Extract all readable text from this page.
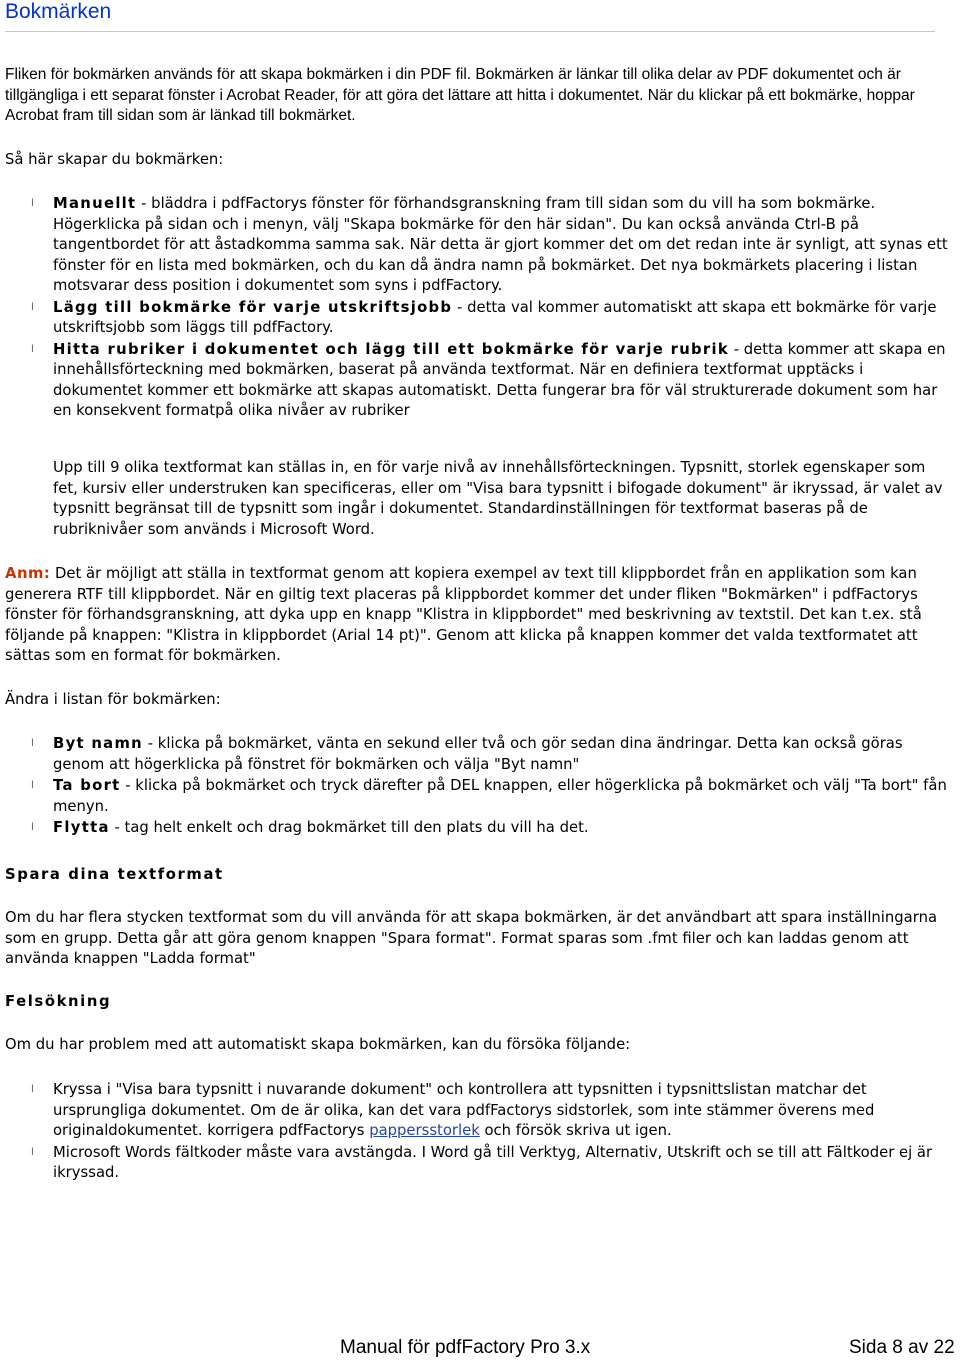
Bokmärken

Fliken för bokmärken används för att skapa bokmärken i din PDF fil. Bokmärken är länkar till olika delar av PDF dokumentet och är tillgängliga i ett separat fönster i Acrobat Reader, för att göra det lättare att hitta i dokumentet. När du klickar på ett bokmärke, hoppar Acrobat fram till sidan som är länkad till bokmärket.

Så här skapar du bokmärken:

l Manuellt - bläddra i pdfFactorys fönster för förhandsgranskning fram till sidan som du vill ha som bokmärke. Högerklicka på sidan och i menyn, välj "Skapa bokmärke för den här sidan". Du kan också använda Ctrl-B på tangentbordet för att åstadkomma samma sak. När detta är gjort kommer det om det redan inte är synligt, att synas ett fönster för en lista med bokmärken, och du kan då ändra namn på bokmärket. Det nya bokmärkets placering i listan motsvarar dess position i dokumentet som syns i pdfFactory.
l Lägg till bokmärke för varje utskriftsjobb - detta val kommer automatiskt att skapa ett bokmärke för varje utskriftsjobb som läggs till pdfFactory.
l Hitta rubriker i dokumentet och lägg till ett bokmärke för varje rubrik - detta kommer att skapa en innehållsförteckning med bokmärken, baserat på använda textformat. När en definiera textformat upptäcks i dokumentet kommer ett bokmärke att skapas automatiskt. Detta fungerar bra för väl strukturerade dokument som har en konsekvent formatpå olika nivåer av rubriker

Upp till 9 olika textformat kan ställas in, en för varje nivå av innehållsförteckningen. Typsnitt, storlek egenskaper som fet, kursiv eller understruken kan specificeras, eller om "Visa bara typsnitt i bifogade dokument" är ikryssad, är valet av typsnitt begränsat till de typsnitt som ingår i dokumentet. Standardinställningen för textformat baseras på de rubriknivåer som används i Microsoft Word.

Anm: Det är möjligt att ställa in textformat genom att kopiera exempel av text till klippbordet från en applikation som kan generera RTF till klippbordet. När en giltig text placeras på klippbordet kommer det under fliken "Bokmärken" i pdfFactorys fönster för förhandsgranskning, att dyka upp en knapp "Klistra in klippbordet" med beskrivning av textstil. Det kan t.ex. stå följande på knappen: "Klistra in klippbordet (Arial 14 pt)". Genom att klicka på knappen kommer det valda textformatet att sättas som en format för bokmärken.

Ändra i listan för bokmärken:

l Byt namn - klicka på bokmärket, vänta en sekund eller två och gör sedan dina ändringar. Detta kan också göras genom att högerklicka på fönstret för bokmärken och välja "Byt namn"
l Ta bort - klicka på bokmärket och tryck därefter på DEL knappen, eller högerklicka på bokmärket och välj "Ta bort" fån menyn.
l Flytta - tag helt enkelt och drag bokmärket till den plats du vill ha det.

Spara dina textformat

Om du har flera stycken textformat som du vill använda för att skapa bokmärken, är det användbart att spara inställningarna som en grupp. Detta går att göra genom knappen "Spara format". Format sparas som .fmt filer och kan laddas genom att använda knappen "Ladda format"

Felsökning

Om du har problem med att automatiskt skapa bokmärken, kan du försöka följande:

l Kryssa i "Visa bara typsnitt i nuvarande dokument" och kontrollera att typsnitten i typsnittslistan matchar det ursprungliga dokumentet. Om de är olika, kan det vara pdfFactorys sidstorlek, som inte stämmer överens med originaldokumentet. korrigera pdfFactorys pappersstorlek och försök skriva ut igen.
l Microsoft Words fältkoder måste vara avstängda. I Word gå till Verktyg, Alternativ, Utskrift och se till att Fältkoder ej är ikryssad.
Manual för pdfFactory Pro 3.x	Sida 8 av 22
